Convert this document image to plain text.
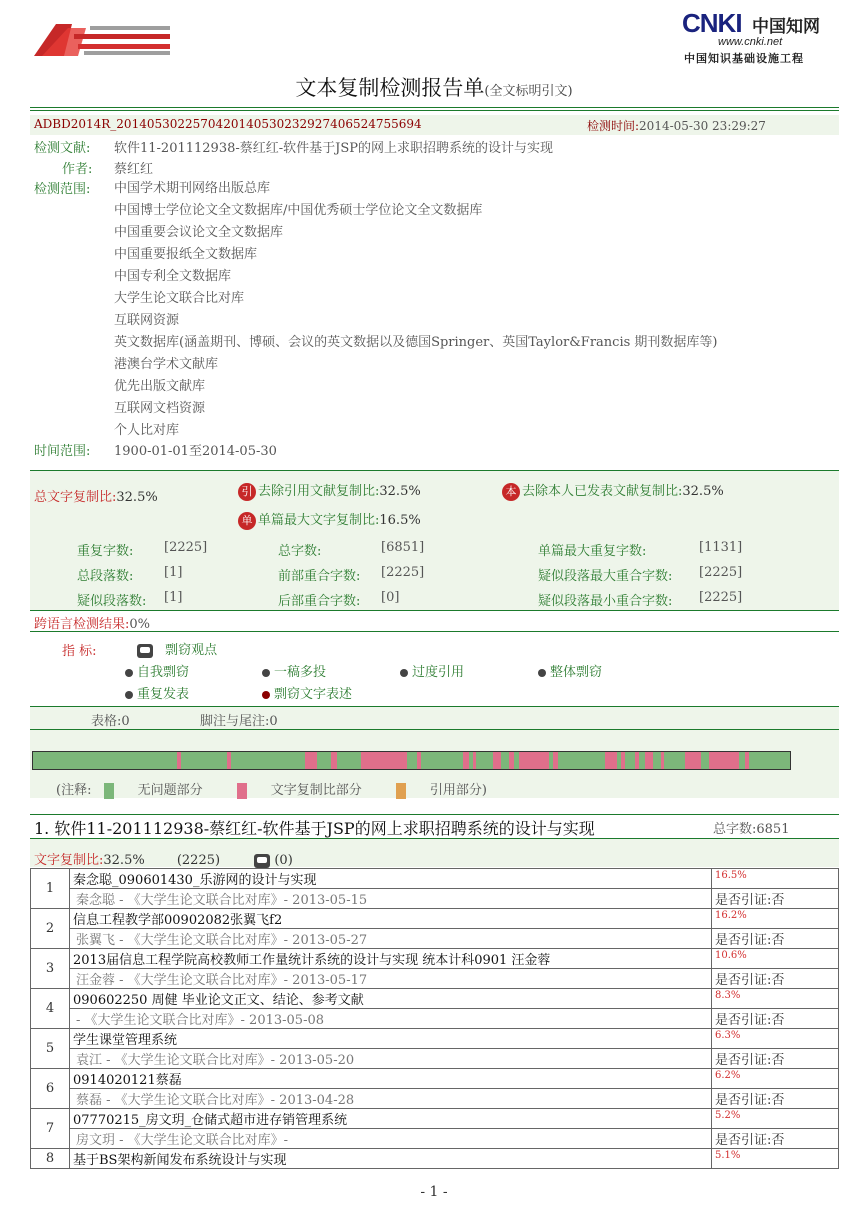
CNKI 中国知网
www.cnki.net
中国知识基础设施工程
文本复制检测报告单(全文标明引文)
ADBD2014R_2014053022570420140530232927406524755694	检测时间:2014-05-30 23:29:27
检测文献: 软件11-201112938-蔡红红-软件基于JSP的网上求职招聘系统的设计与实现
作者: 蔡红红
检测范围: 中国学术期刊网络出版总库
中国博士学位论文全文数据库/中国优秀硕士学位论文全文数据库
中国重要会议论文全文数据库
中国重要报纸全文数据库
中国专利全文数据库
大学生论文联合比对库
互联网资源
英文数据库(涵盖期刊、博硕、会议的英文数据以及德国Springer、英国Taylor&Francis 期刊数据库等)
港澳台学术文献库
优先出版文献库
互联网文档资源
个人比对库
时间范围: 1900-01-01至2014-05-30
总文字复制比:32.5%	引 去除引用文献复制比:32.5%	本 去除本人已发表文献复制比:32.5%
单 单篇最大文字复制比:16.5%
重复字数: [2225]	总字数:	[6851]	单篇最大重复字数:	[1131]
总段落数: [1]	前部重合字数: [2225]	疑似段落最大重合字数: [2225]
疑似段落数: [1]	后部重合字数: [0]	疑似段落最小重合字数: [2225]
跨语言检测结果:0%
指 标:	剽窃观点
自我剽窃	一稿多投	过度引用	整体剽窃
重复发表	剽窃文字表述
表格:0	脚注与尾注:0
(注释:	无问题部分	文字复制比部分	引用部分)
1. 软件11-201112938-蔡红红-软件基于JSP的网上求职招聘系统的设计与实现	总字数:6851
文字复制比:32.5% (2225)	(0)
1	秦念聪_090601430_乐游网的设计与实现	16.5%
	秦念聪 - 《大学生论文联合比对库》- 2013-05-15	是否引证:否
2	信息工程教学部00902082张翼飞f2	16.2%
	张翼飞 - 《大学生论文联合比对库》- 2013-05-27	是否引证:否
3	2013届信息工程学院高校教师工作量统计系统的设计与实现 统本计科0901 汪金蓉	10.6%
	汪金蓉 - 《大学生论文联合比对库》- 2013-05-17	是否引证:否
4	090602250 周健 毕业论文正文、结论、参考文献	8.3%
	- 《大学生论文联合比对库》- 2013-05-08	是否引证:否
5	学生课堂管理系统	6.3%
	袁江 - 《大学生论文联合比对库》- 2013-05-20	是否引证:否
6	0914020121蔡磊	6.2%
	蔡磊 - 《大学生论文联合比对库》- 2013-04-28	是否引证:否
7	07770215_房文玥_仓储式超市进存销管理系统	5.2%
	房文玥 - 《大学生论文联合比对库》-	是否引证:否
8	基于BS架构新闻发布系统设计与实现	5.1%
- 1 -
